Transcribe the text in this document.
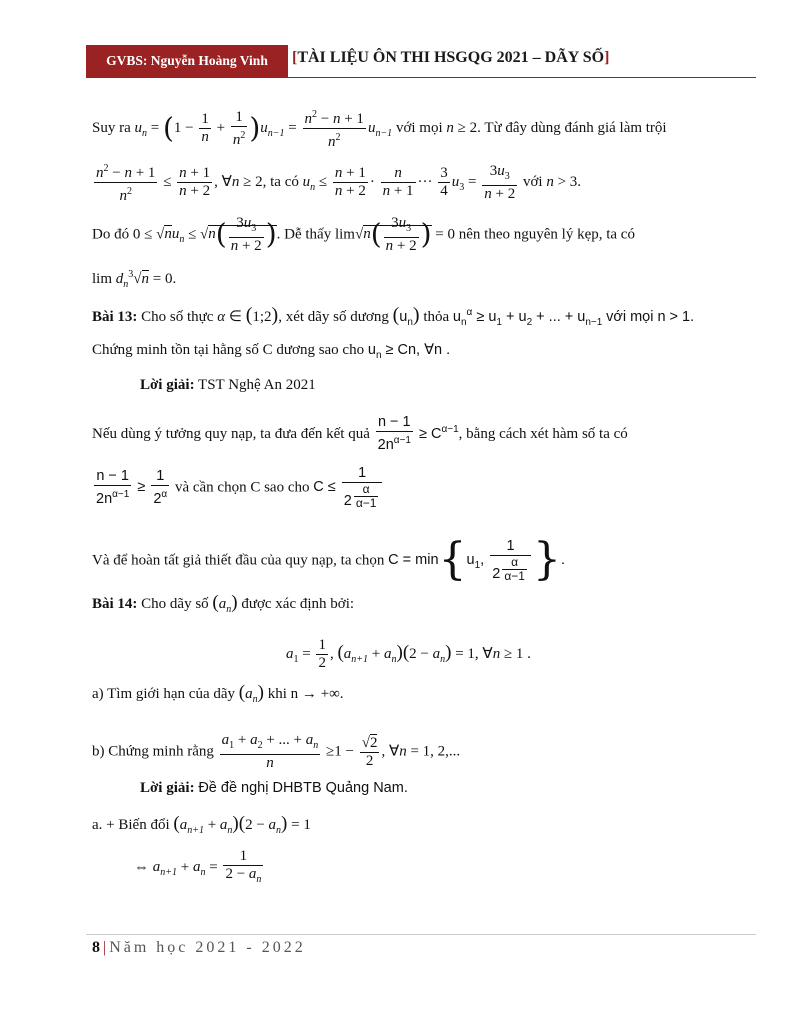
GVBS: Nguyễn Hoàng Vinh	[TÀI LIỆU ÔN THI HSGQG 2021 – DÃY SỐ]
Suy ra $u_n = (1 - \frac{1}{n} + \frac{1}{n^2} )u_{n-1} = \frac{n^2 - n + 1}{n^2} u_{n-1}$ với mọi n ≥ 2. Từ đây dùng đánh giá làm trội
$\frac{n^2 - n + 1}{n^2} \le \frac{n + 1}{n + 2}$ , ∀n ≥ 2, ta có $u_n \le \frac{n + 1}{n + 2} \cdot \frac{n}{n + 1}$ ··· $\frac{3}{4} u_3 = \frac{3u_3}{n + 2}$ với n > 3.
Do đó $0 \le √nu_n \le √n( \frac{3u_3}{n + 2}$ ). Dễ thấy $\lim√n( \frac{3u_3}{n + 2}$ ) = 0 nên theo nguyên lý kẹp, ta có
$\lim d_n^3√n = 0$.
Bài 13: Cho số thực α ∈ (1;2), xét dãy số dương $(u_n)$ thỏa $u_n^\alpha \ge u_1 + u_2$ + ... + $u_{n-1}$ với mọi n > 1.
Chứng minh tồn tại hằng số C dương sao cho $u_n \ge Cn$, ∀n .
Lời giải: TST Nghệ An 2021
Nếu dùng ý tưởng quy nạp, ta đưa đến kết quả $\frac{n - 1}{2n^{\alpha-1}} \ge C^{\alpha-1}$, bằng cách xét hàm số ta có
$\frac{n - 1}{2n^{\alpha-1}} \ge \frac{1}{2^\alpha}$ và cần chọn C sao cho C ≤ 1
2 $^{\frac{\alpha}{\alpha-1}}$
Và để hoàn tất giả thiết đầu của quy nạp, ta chọn $C = \min\{u_1$, 1
2 $^{\frac{\alpha}{\alpha-1}}$ }.
Bài 14: Cho dãy số $(a_n)$ được xác định bởi:
$a_1 = \frac{1}{2}$ , $(a_{n+1} + a_n)(2 - a_n) = 1$, ∀n ≥ 1 .
a) Tìm giới hạn của dãy $(a_n)$ khi n → +∞.
b) Chứng minh rằng $\frac{a_1 + a_2 + ... + a_n}{n} \ge 1 - \frac{√2}{2}$ , ∀n = 1, 2,...
Lời giải: Đề đề nghị DHBTB Quảng Nam.
a. + Biến đổi $(a_{n+1} + a_n)(2 - a_n) = 1$
⇔ $a_{n+1} + a_n = \frac{1}{2 - a_n}$
8 | Năm học 2021 - 2022
